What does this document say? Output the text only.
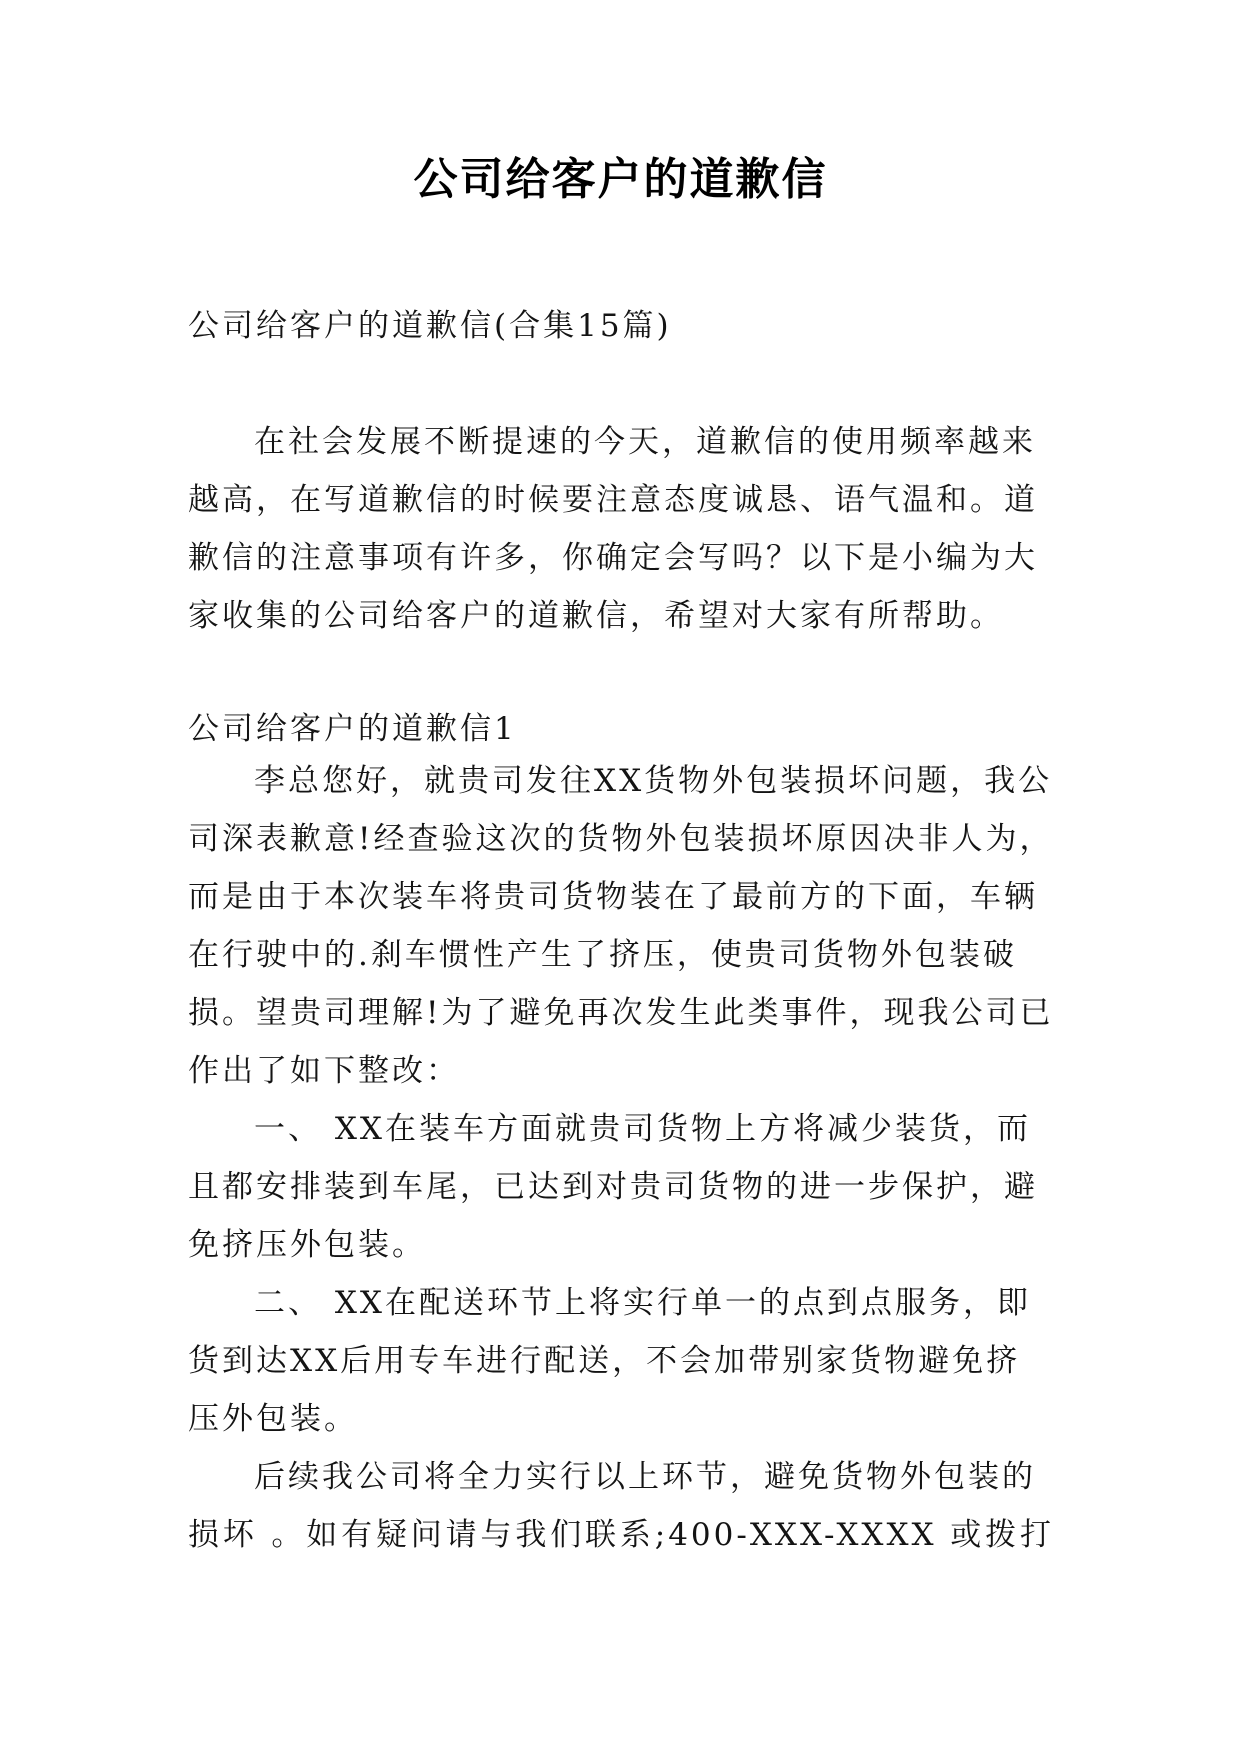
公司给客户的道歉信
公司给客户的道歉信(合集15篇)
在社会发展不断提速的今天，道歉信的使用频率越来越高，在写道歉信的时候要注意态度诚恳、语气温和。道歉信的注意事项有许多，你确定会写吗？以下是小编为大家收集的公司给客户的道歉信，希望对大家有所帮助。
公司给客户的道歉信1

李总您好，就贵司发往XX货物外包装损坏问题，我公司深表歉意!经查验这次的货物外包装损坏原因决非人为，而是由于本次装车将贵司货物装在了最前方的下面，车辆在行驶中的.刹车惯性产生了挤压，使贵司货物外包装破损。望贵司理解!为了避免再次发生此类事件，现我公司已作出了如下整改：

一、 XX在装车方面就贵司货物上方将减少装货，而且都安排装到车尾，已达到对贵司货物的进一步保护，避免挤压外包装。

二、 XX在配送环节上将实行单一的点到点服务，即货到达XX后用专车进行配送，不会加带别家货物避免挤压外包装。

后续我公司将全力实行以上环节，避免货物外包装的损坏 。如有疑问请与我们联系;400-XXX-XXXX 或拨打
